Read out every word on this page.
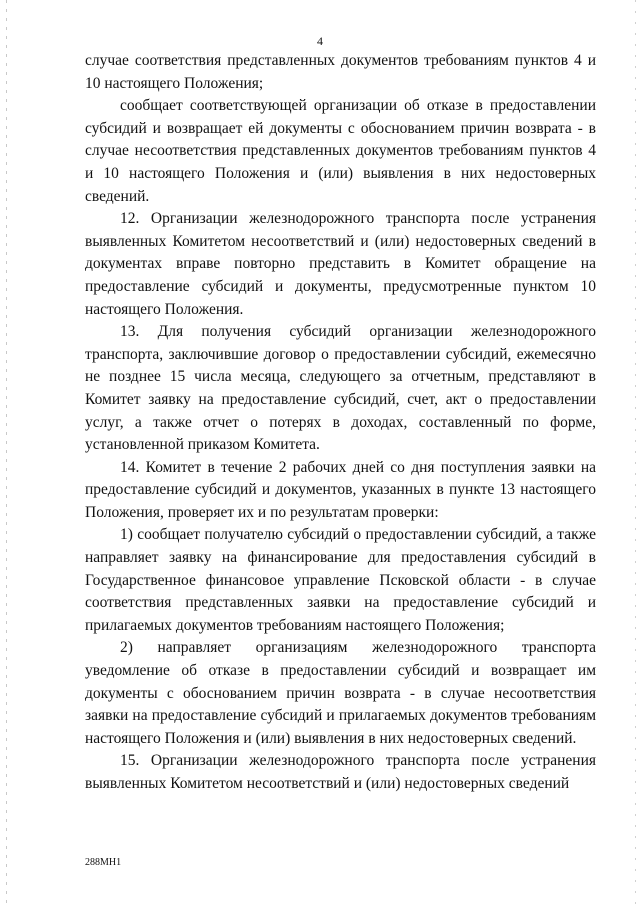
4

случае соответствия представленных документов требованиям пунктов 4 и 10 настоящего Положения;

сообщает соответствующей организации об отказе в предоставлении субсидий и возвращает ей документы с обоснованием причин возврата - в случае несоответствия представленных документов требованиям пунктов 4 и 10 настоящего Положения и (или) выявления в них недостоверных сведений.

12. Организации железнодорожного транспорта после устранения выявленных Комитетом несоответствий и (или) недостоверных сведений в документах вправе повторно представить в Комитет обращение на предоставление субсидий и документы, предусмотренные пунктом 10 настоящего Положения.

13. Для получения субсидий организации железнодорожного транспорта, заключившие договор о предоставлении субсидий, ежемесячно не позднее 15 числа месяца, следующего за отчетным, представляют в Комитет заявку на предоставление субсидий, счет, акт о предоставлении услуг, а также отчет о потерях в доходах, составленный по форме, установленной приказом Комитета.

14. Комитет в течение 2 рабочих дней со дня поступления заявки на предоставление субсидий и документов, указанных в пункте 13 настоящего Положения, проверяет их и по результатам проверки:

1) сообщает получателю субсидий о предоставлении субсидий, а также направляет заявку на финансирование для предоставления субсидий в Государственное финансовое управление Псковской области - в случае соответствия представленных заявки на предоставление субсидий и прилагаемых документов требованиям настоящего Положения;

2) направляет организациям железнодорожного транспорта уведомление об отказе в предоставлении субсидий и возвращает им документы с обоснованием причин возврата - в случае несоответствия заявки на предоставление субсидий и прилагаемых документов требованиям настоящего Положения и (или) выявления в них недостоверных сведений.

15. Организации железнодорожного транспорта после устранения выявленных Комитетом несоответствий и (или) недостоверных сведений

288МН1
